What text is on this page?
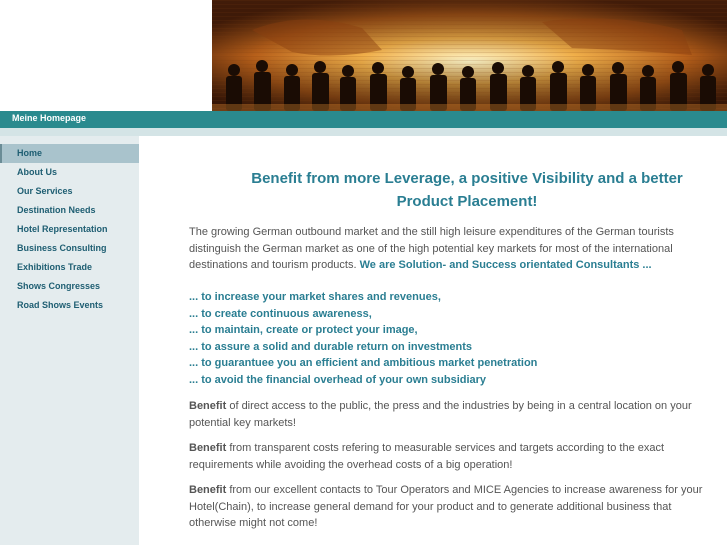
Meine Homepage
Home
About Us
Our Services
Destination Needs
Hotel Representation
Business Consulting
Exhibitions Trade
Shows Congresses
Road Shows Events
Benefit from more Leverage, a positive Visibility and a better Product Placement!
The growing German outbound market and the still high leisure expenditures of the German tourists distinguish the German market as one of the high potential key markets for most of the international destinations and tourism products. We are Solution- and Success orientated Consultants ...
... to increase your market shares and revenues,
... to create continuous awareness,
... to maintain, create or protect your image,
... to assure a solid and durable return on investments
... to guarantuee you an efficient and ambitious market penetration
... to avoid the financial overhead of your own subsidiary
Benefit of direct access to the public, the press and the industries by being in a central location on your potential key markets!
Benefit from transparent costs refering to measurable services and targets according to the exact requirements while avoiding the overhead costs of a big operation!
Benefit from our excellent contacts to Tour Operators and MICE Agencies to increase awareness for your Hotel(Chain), to increase general demand for your product and to generate additional business that otherwise might not come!
